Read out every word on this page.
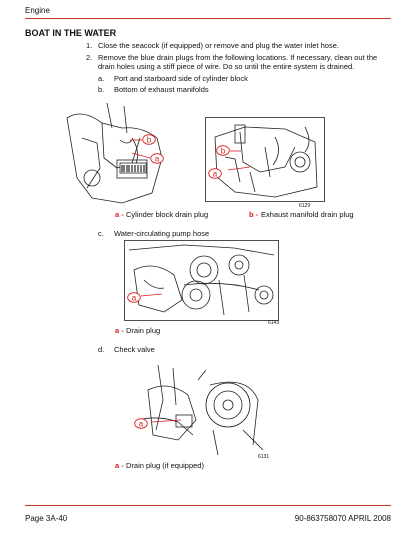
Engine
BOAT IN THE WATER
1. Close the seacock (if equipped) or remove and plug the water inlet hose.
2. Remove the blue drain plugs from the following locations. If necessary, clean out the
drain holes using a stiff piece of wire. Do so until the entire system is drained.
a. Port and starboard side of cylinder block
b. Bottom of exhaust manifolds
b
a
b
a
6129
a - Cylinder block drain plug	b - Exhaust manifold drain plug
c. Water-circulating pump hose
a
6143
a - Drain plug
d. Check valve
a
6131
a - Drain plug (if equipped)
Page 3A-40	90-863758070 APRIL 2008
